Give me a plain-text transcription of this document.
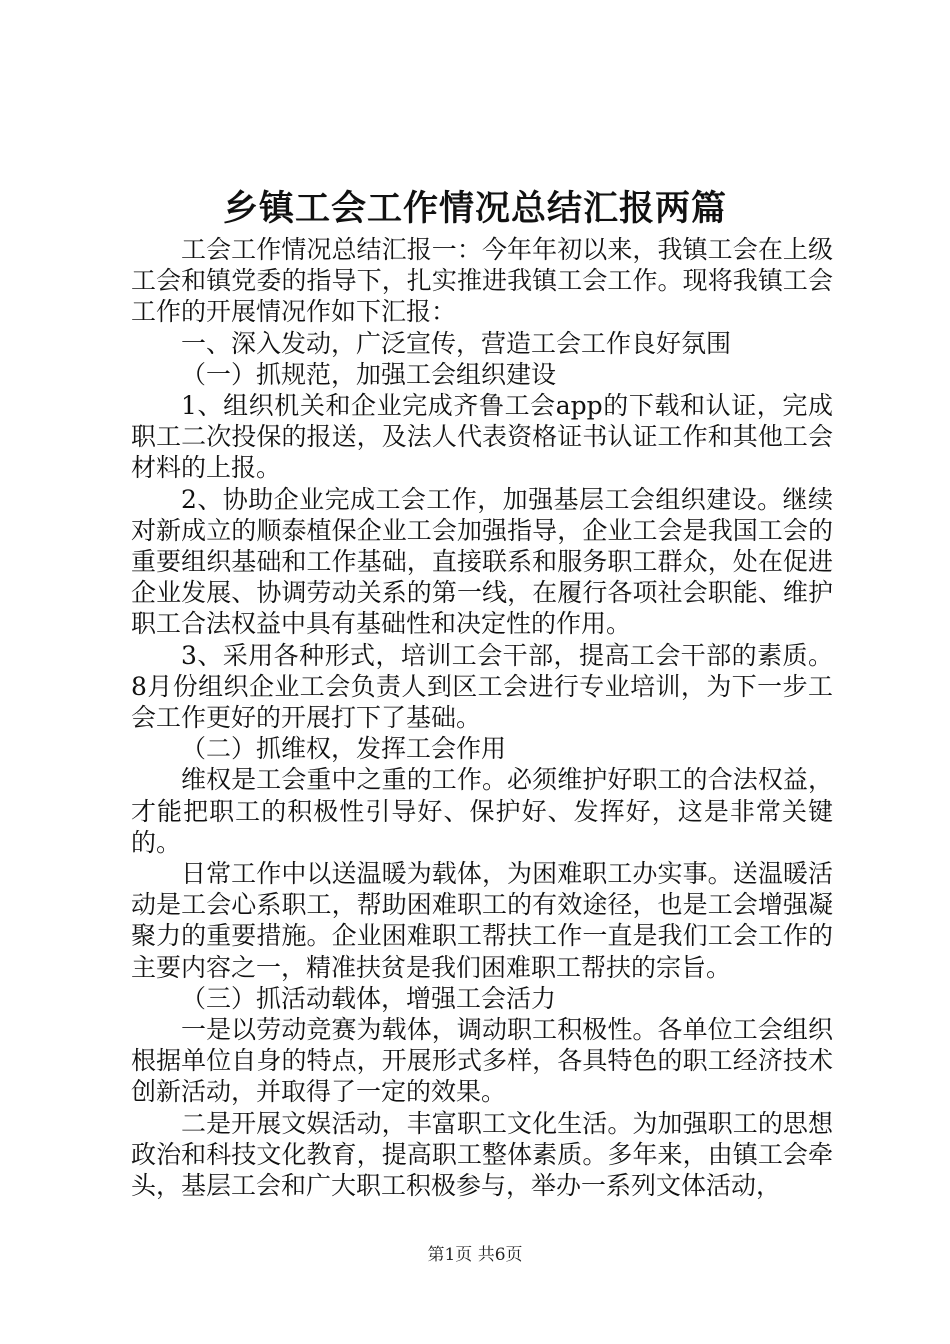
乡镇工会工作情况总结汇报两篇

工会工作情况总结汇报一：今年年初以来，我镇工会在上级工会和镇党委的指导下，扎实推进我镇工会工作。现将我镇工会工作的开展情况作如下汇报：

一、深入发动，广泛宣传，营造工会工作良好氛围

（一）抓规范，加强工会组织建设

1、组织机关和企业完成齐鲁工会app的下载和认证，完成职工二次投保的报送，及法人代表资格证书认证工作和其他工会材料的上报。

2、协助企业完成工会工作，加强基层工会组织建设。继续对新成立的顺泰植保企业工会加强指导，企业工会是我国工会的重要组织基础和工作基础，直接联系和服务职工群众，处在促进企业发展、协调劳动关系的第一线，在履行各项社会职能、维护职工合法权益中具有基础性和决定性的作用。

3、采用各种形式，培训工会干部，提高工会干部的素质。8月份组织企业工会负责人到区工会进行专业培训，为下一步工会工作更好的开展打下了基础。

（二）抓维权，发挥工会作用

维权是工会重中之重的工作。必须维护好职工的合法权益，才能把职工的积极性引导好、保护好、发挥好，这是非常关键的。

日常工作中以送温暖为载体，为困难职工办实事。送温暖活动是工会心系职工，帮助困难职工的有效途径，也是工会增强凝聚力的重要措施。企业困难职工帮扶工作一直是我们工会工作的主要内容之一，精准扶贫是我们困难职工帮扶的宗旨。

（三）抓活动载体，增强工会活力

一是以劳动竞赛为载体，调动职工积极性。各单位工会组织根据单位自身的特点，开展形式多样，各具特色的职工经济技术创新活动，并取得了一定的效果。

二是开展文娱活动，丰富职工文化生活。为加强职工的思想政治和科技文化教育，提高职工整体素质。多年来，由镇工会牵头，基层工会和广大职工积极参与，举办一系列文体活动，

第1页 共6页
